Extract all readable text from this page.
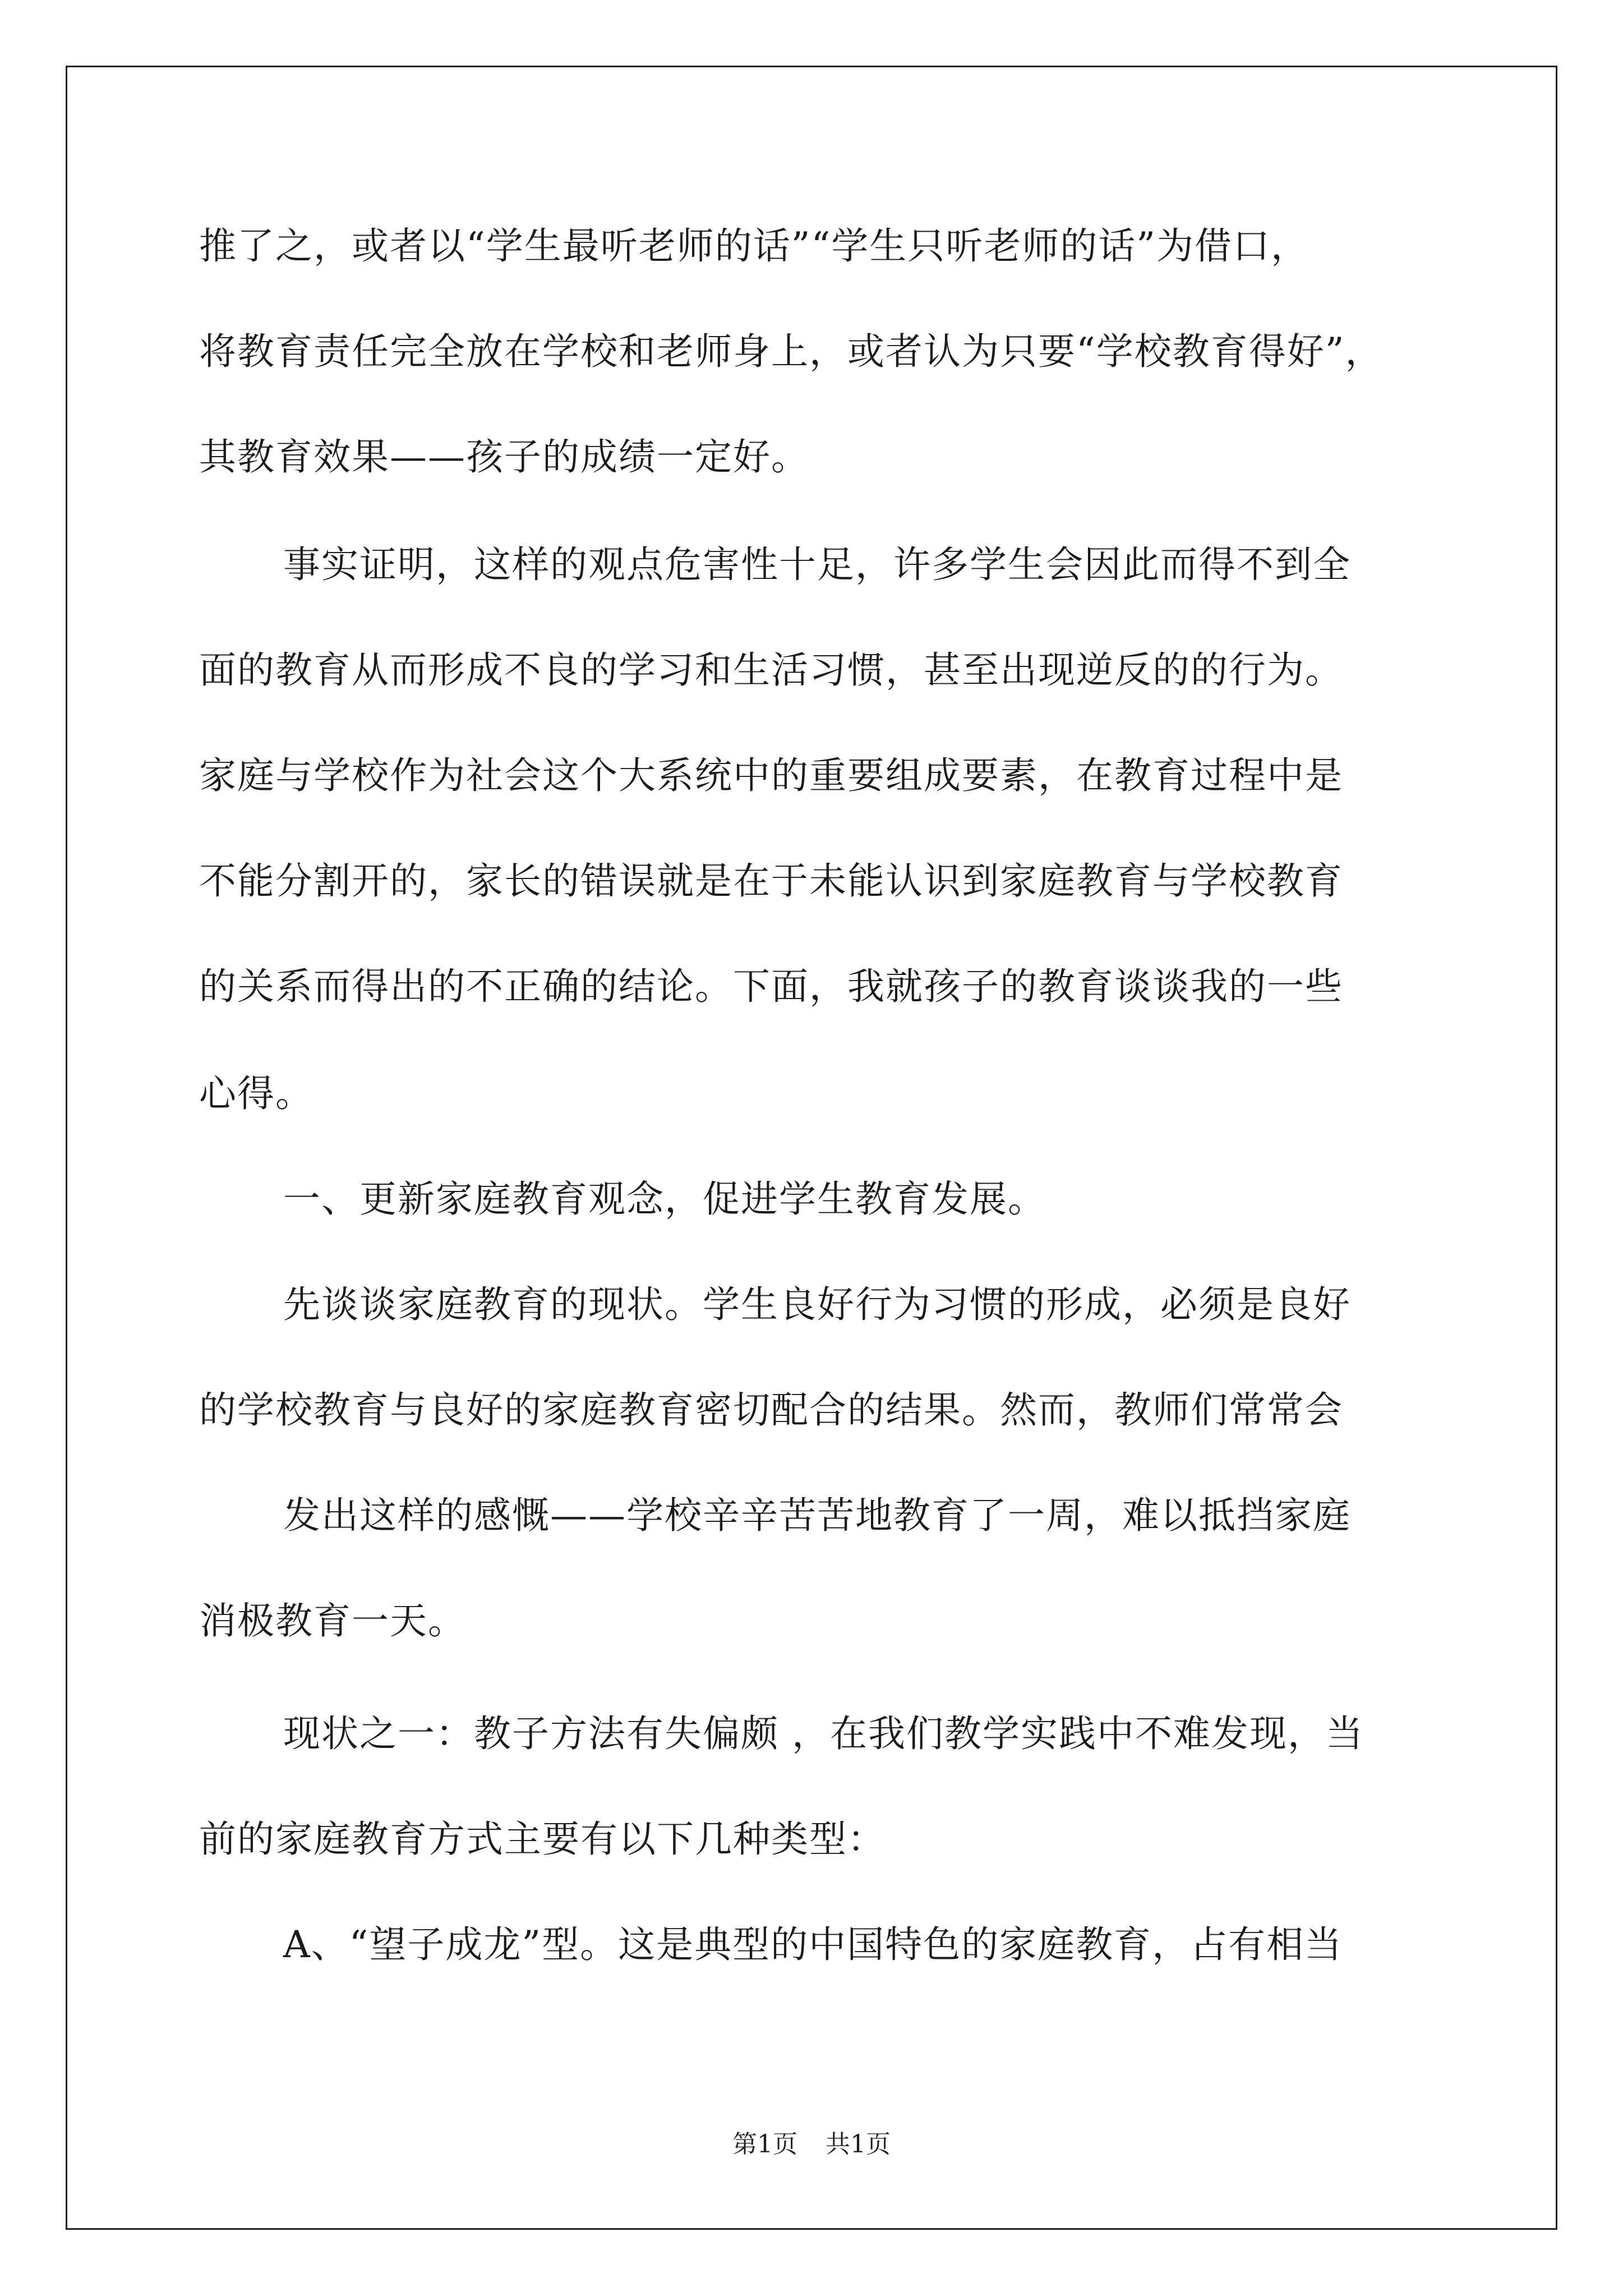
推了之，或者以“学生最听老师的话”“学生只听老师的话”为借口，
将教育责任完全放在学校和老师身上，或者认为只要“学校教育得好”，
其教育效果——孩子的成绩一定好。
事实证明，这样的观点危害性十足，许多学生会因此而得不到全
面的教育从而形成不良的学习和生活习惯，甚至出现逆反的的行为。
家庭与学校作为社会这个大系统中的重要组成要素，在教育过程中是
不能分割开的，家长的错误就是在于未能认识到家庭教育与学校教育
的关系而得出的不正确的结论。下面，我就孩子的教育谈谈我的一些
心得。
一、更新家庭教育观念，促进学生教育发展。
先谈谈家庭教育的现状。学生良好行为习惯的形成，必须是良好
的学校教育与良好的家庭教育密切配合的结果。然而，教师们常常会
发出这样的感慨——学校辛辛苦苦地教育了一周，难以抵挡家庭
消极教育一天。
现状之一：教子方法有失偏颇 ，在我们教学实践中不难发现，当
前的家庭教育方式主要有以下几种类型：
A、“望子成龙”型。这是典型的中国特色的家庭教育，占有相当
第1页 共1页
